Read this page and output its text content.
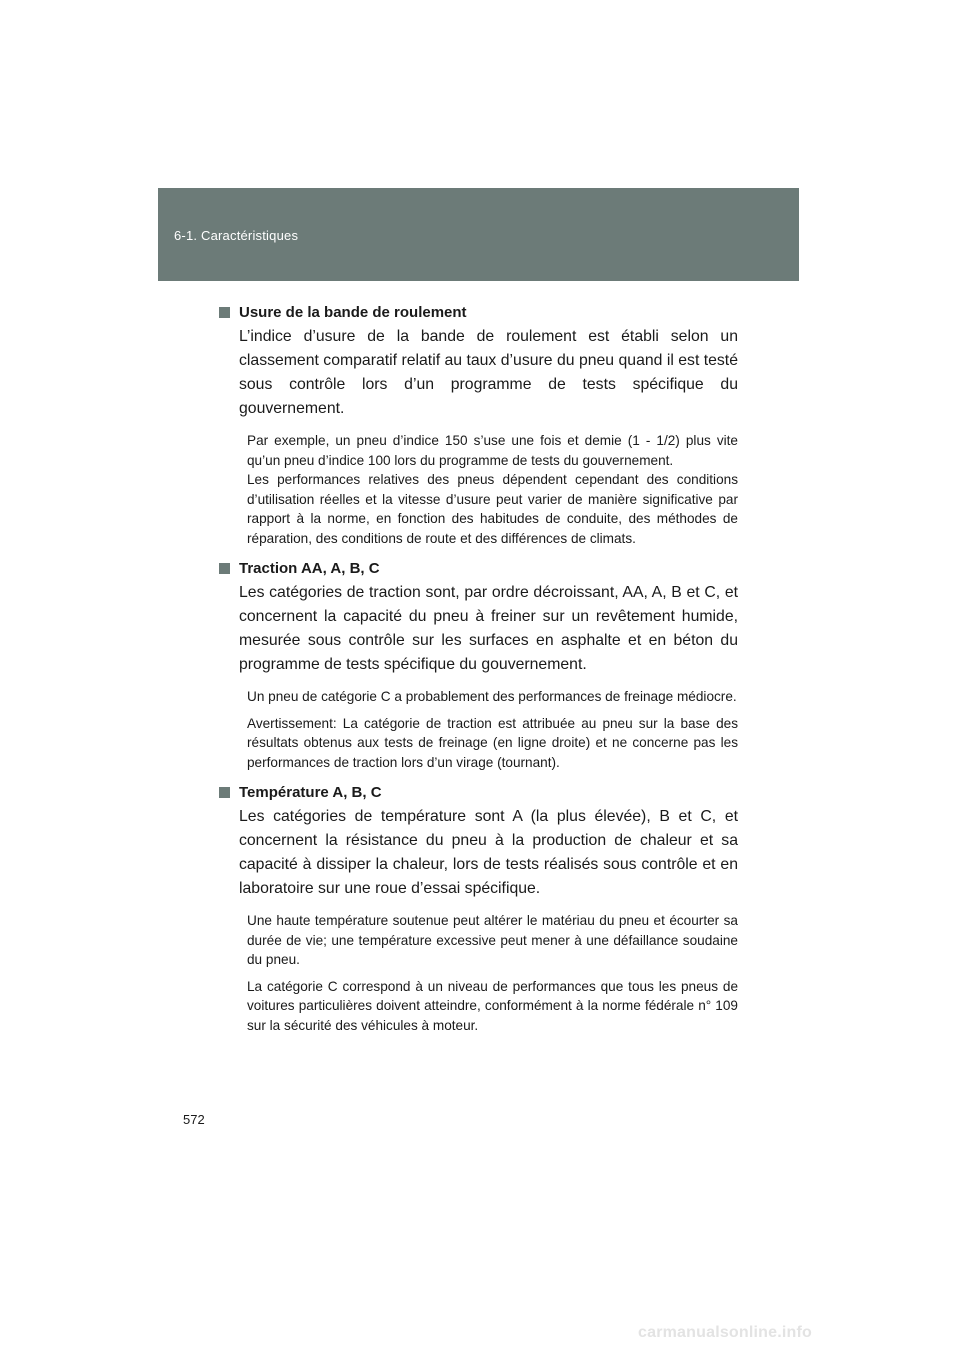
6-1. Caractéristiques
Usure de la bande de roulement

L’indice d’usure de la bande de roulement est établi selon un classement comparatif relatif au taux d’usure du pneu quand il est testé sous contrôle lors d’un programme de tests spécifique du gouvernement.

Par exemple, un pneu d’indice 150 s’use une fois et demie (1 - 1/2) plus vite qu’un pneu d’indice 100 lors du programme de tests du gouvernement.

Les performances relatives des pneus dépendent cependant des conditions d’utilisation réelles et la vitesse d’usure peut varier de manière significative par rapport à la norme, en fonction des habitudes de conduite, des méthodes de réparation, des conditions de route et des différences de climats.

Traction AA, A, B, C

Les catégories de traction sont, par ordre décroissant, AA, A, B et C, et concernent la capacité du pneu à freiner sur un revêtement humide, mesurée sous contrôle sur les surfaces en asphalte et en béton du programme de tests spécifique du gouvernement.

Un pneu de catégorie C a probablement des performances de freinage médiocre.

Avertissement: La catégorie de traction est attribuée au pneu sur la base des résultats obtenus aux tests de freinage (en ligne droite) et ne concerne pas les performances de traction lors d’un virage (tournant).

Température A, B, C

Les catégories de température sont A (la plus élevée), B et C, et concernent la résistance du pneu à la production de chaleur et sa capacité à dissiper la chaleur, lors de tests réalisés sous contrôle et en laboratoire sur une roue d’essai spécifique.

Une haute température soutenue peut altérer le matériau du pneu et écourter sa durée de vie; une température excessive peut mener à une défaillance soudaine du pneu.

La catégorie C correspond à un niveau de performances que tous les pneus de voitures particulières doivent atteindre, conformément à la norme fédérale n° 109 sur la sécurité des véhicules à moteur.

572
carmanualsonline.info
